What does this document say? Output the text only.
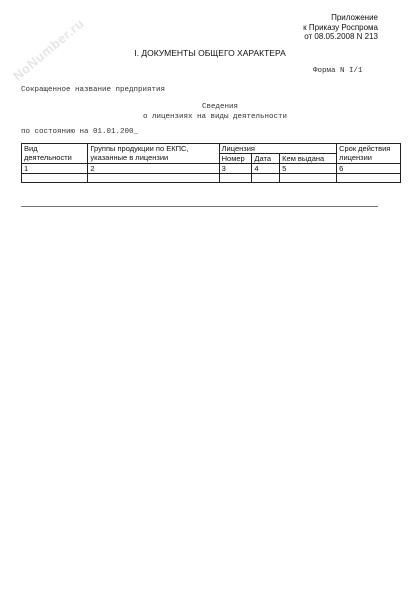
NoNumber.ru	Приложение
к Приказу Роспрома
от 08.05.2008 N 213
I. ДОКУМЕНТЫ ОБЩЕГО ХАРАКТЕРА
Форма N I/1
Сокращенное название предприятия
Сведения
о лицензиях на виды деятельности
по состоянию на 01.01.200_
Вид деятельности	Группы продукции по ЕКПС, указанные в лицензии	Лицензия			Срок действия лицензии
		Номер	Дата	Кем выдана	
1	2	3	4	5	6
